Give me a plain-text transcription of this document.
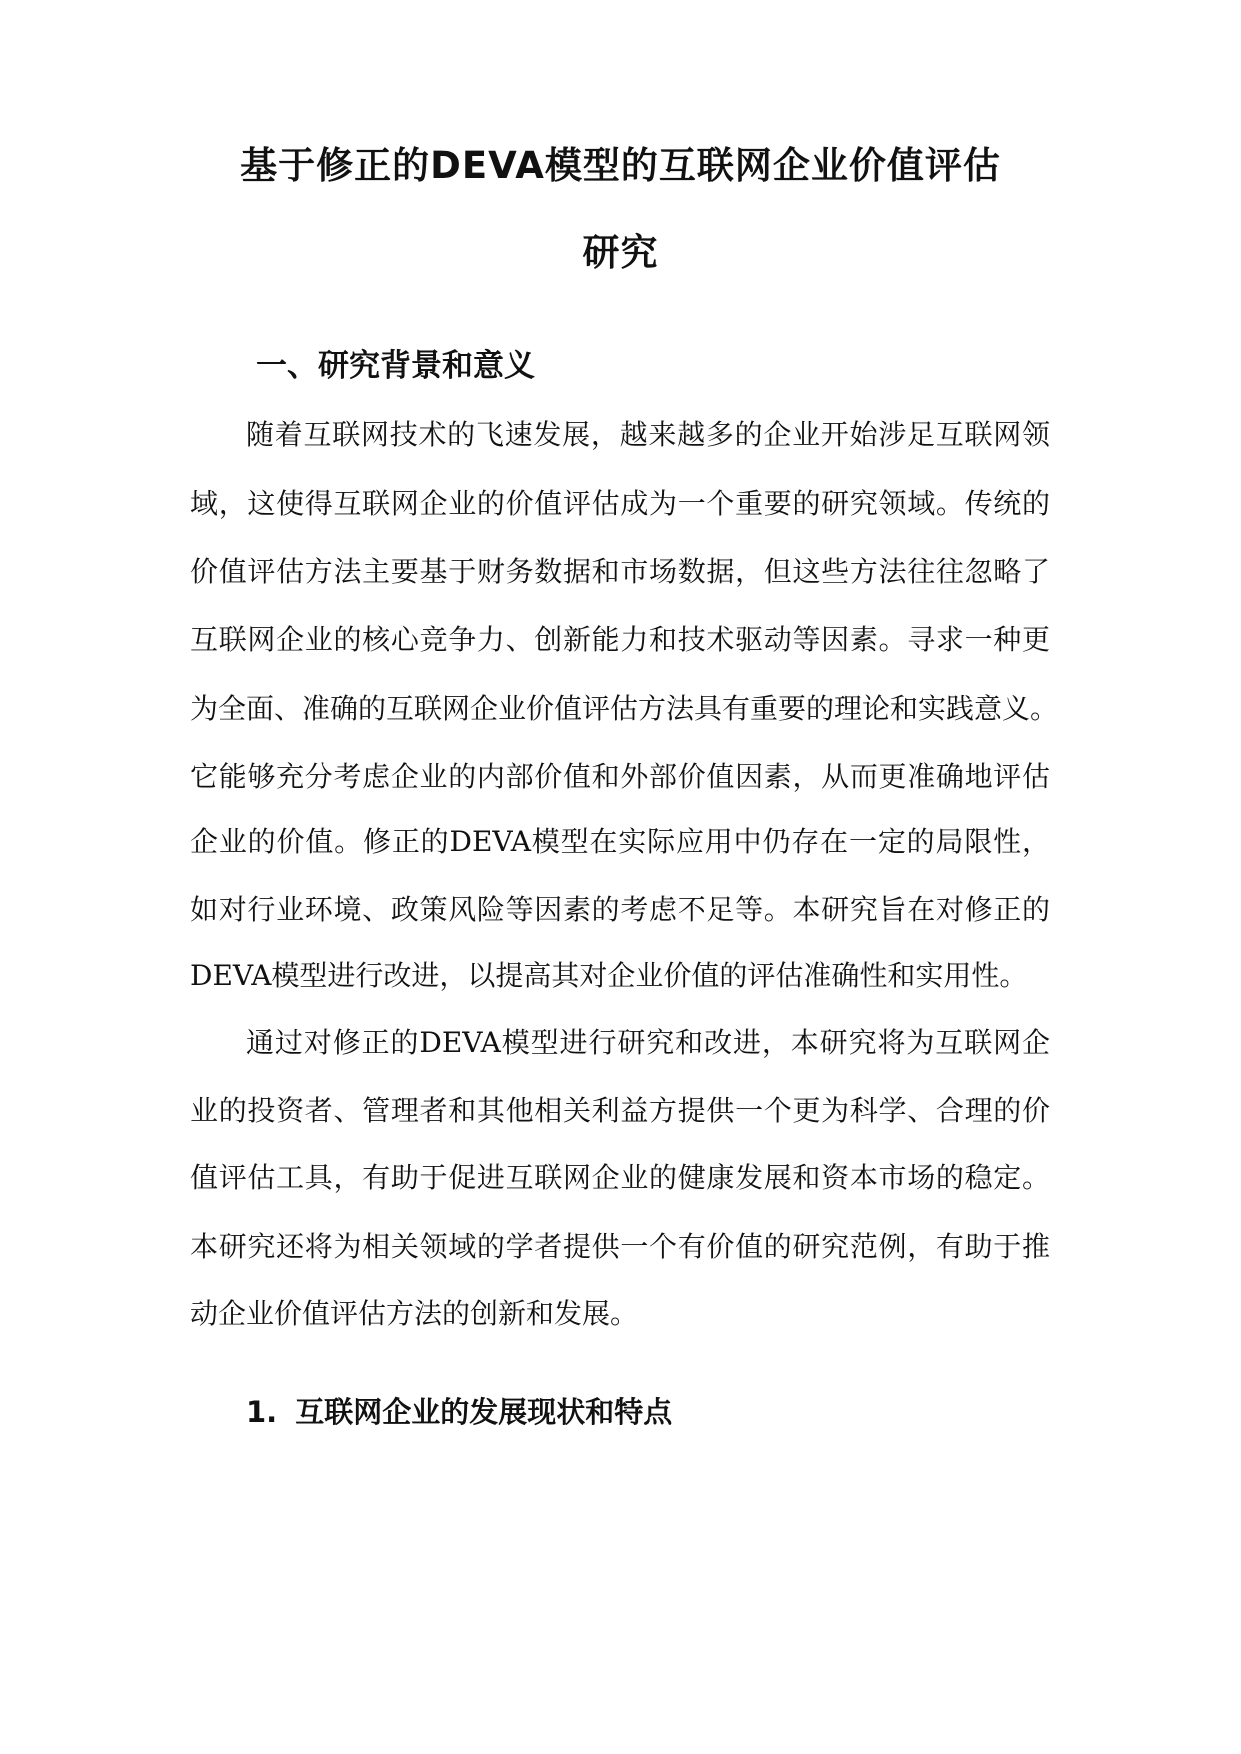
基于修正的DEVA模型的互联网企业价值评估
研究
一、研究背景和意义
随着互联网技术的飞速发展，越来越多的企业开始涉足互联网领
域，这使得互联网企业的价值评估成为一个重要的研究领域。传统的
价值评估方法主要基于财务数据和市场数据，但这些方法往往忽略了
互联网企业的核心竞争力、创新能力和技术驱动等因素。寻求一种更
为全面、准确的互联网企业价值评估方法具有重要的理论和实践意义。
它能够充分考虑企业的内部价值和外部价值因素，从而更准确地评估
企业的价值。修正的DEVA模型在实际应用中仍存在一定的局限性，
如对行业环境、政策风险等因素的考虑不足等。本研究旨在对修正的
DEVA模型进行改进，以提高其对企业价值的评估准确性和实用性。
通过对修正的DEVA模型进行研究和改进，本研究将为互联网企
业的投资者、管理者和其他相关利益方提供一个更为科学、合理的价
值评估工具，有助于促进互联网企业的健康发展和资本市场的稳定。
本研究还将为相关领域的学者提供一个有价值的研究范例，有助于推
动企业价值评估方法的创新和发展。
1. 互联网企业的发展现状和特点
